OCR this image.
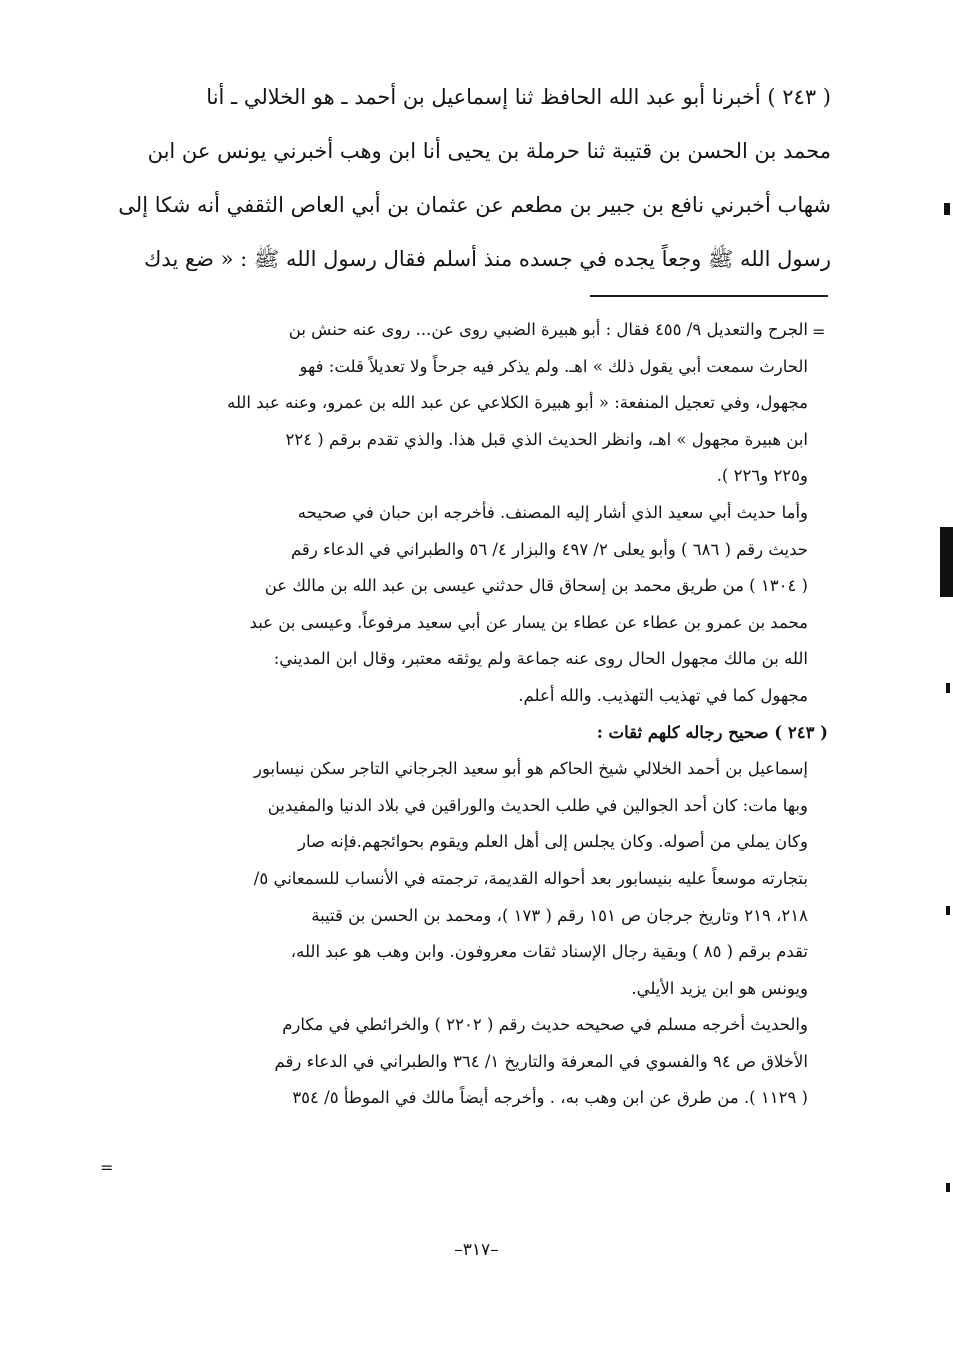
( ٢٤٣ ) أخبرنا أبو عبد الله الحافظ ثنا إسماعيل بن أحمد ـ هو الخلالي ـ أنا
محمد بن الحسن بن قتيبة ثنا حرملة بن يحيى أنا ابن وهب أخبرني يونس عن ابن
شهاب أخبرني نافع بن جبير بن مطعم عن عثمان بن أبي العاص الثقفي أنه شكا إلى
رسول الله ﷺ وجعاً يجده في جسده منذ أسلم فقال رسول الله ﷺ : « ضع يدك
=
الجرح والتعديل ٩/ ٤٥٥ فقال : أبو هبيرة الضبي روى عن... روى عنه حنش بن
الحارث سمعت أبي يقول ذلك » اهـ. ولم يذكر فيه جرحاً ولا تعديلاً قلت: فهو
مجهول، وفي تعجيل المنفعة: « أبو هبيرة الكلاعي عن عبد الله بن عمرو، وعنه عبد الله
ابن هبيرة مجهول » اهـ، وانظر الحديث الذي قبل هذا. والذي تقدم برقم ( ٢٢٤
و٢٢٥ و٢٢٦ ).
وأما حديث أبي سعيد الذي أشار إليه المصنف. فأخرجه ابن حبان في صحيحه
حديث رقم ( ٦٨٦ ) وأبو يعلى ٢/ ٤٩٧ والبزار ٤/ ٥٦ والطبراني في الدعاء رقم
( ١٣٠٤ ) من طريق محمد بن إسحاق قال حدثني عيسى بن عبد الله بن مالك عن
محمد بن عمرو بن عطاء عن عطاء بن يسار عن أبي سعيد مرفوعاً. وعيسى بن عبد
الله بن مالك مجهول الحال روى عنه جماعة ولم يوثقه معتبر، وقال ابن المديني:
مجهول كما في تهذيب التهذيب. والله أعلم.
( ٢٤٣ ) صحيح رجاله كلهم ثقات :
إسماعيل بن أحمد الخلالي شيخ الحاكم هو أبو سعيد الجرجاني التاجر سكن نيسابور
وبها مات: كان أحد الجوالين في طلب الحديث والوراقين في بلاد الدنيا والمفيدين
وكان يملي من أصوله. وكان يجلس إلى أهل العلم ويقوم بحوائجهم.فإنه صار
بتجارته موسعاً عليه بنيسابور بعد أحواله القديمة، ترجمته في الأنساب للسمعاني ٥/
٢١٨، ٢١٩ وتاريخ جرجان ص ١٥١ رقم ( ١٧٣ )، ومحمد بن الحسن بن قتيبة
تقدم برقم ( ٨٥ ) وبقية رجال الإسناد ثقات معروفون. وابن وهب هو عبد الله،
ويونس هو ابن يزيد الأيلي.
والحديث أخرجه مسلم في صحيحه حديث رقم ( ٢٢٠٢ ) والخرائطي في مكارم
الأخلاق ص ٩٤ والفسوي في المعرفة والتاريخ ١/ ٣٦٤ والطبراني في الدعاء رقم
( ١١٢٩ ). من طرق عن ابن وهب به، . وأخرجه أيضاً مالك في الموطأ ٥/ ٣٥٤
=
–٣١٧–
